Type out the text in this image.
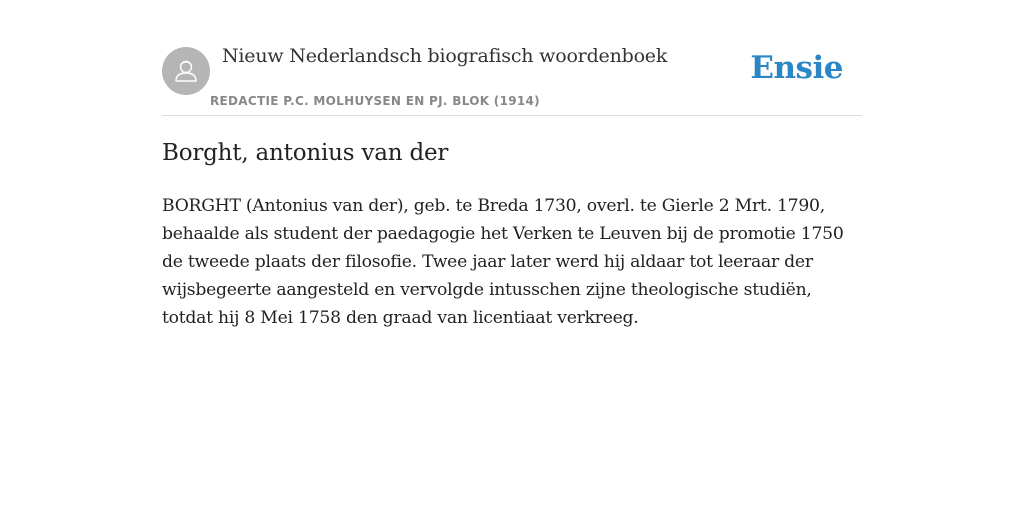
Nieuw Nederlandsch biografisch woordenboek
REDACTIE P.C. MOLHUYSEN EN PJ. BLOK (1914)
Ensie
Borght, antonius van der

BORGHT (Antonius van der), geb. te Breda 1730, overl. te Gierle 2 Mrt. 1790, behaalde als student der paedagogie het Verken te Leuven bij de promotie 1750 de tweede plaats der filosofie. Twee jaar later werd hij aldaar tot leeraar der wijsbegeerte aangesteld en vervolgde intusschen zijne theologische studiën, totdat hij 8 Mei 1758 den graad van licentiaat verkreeg.
